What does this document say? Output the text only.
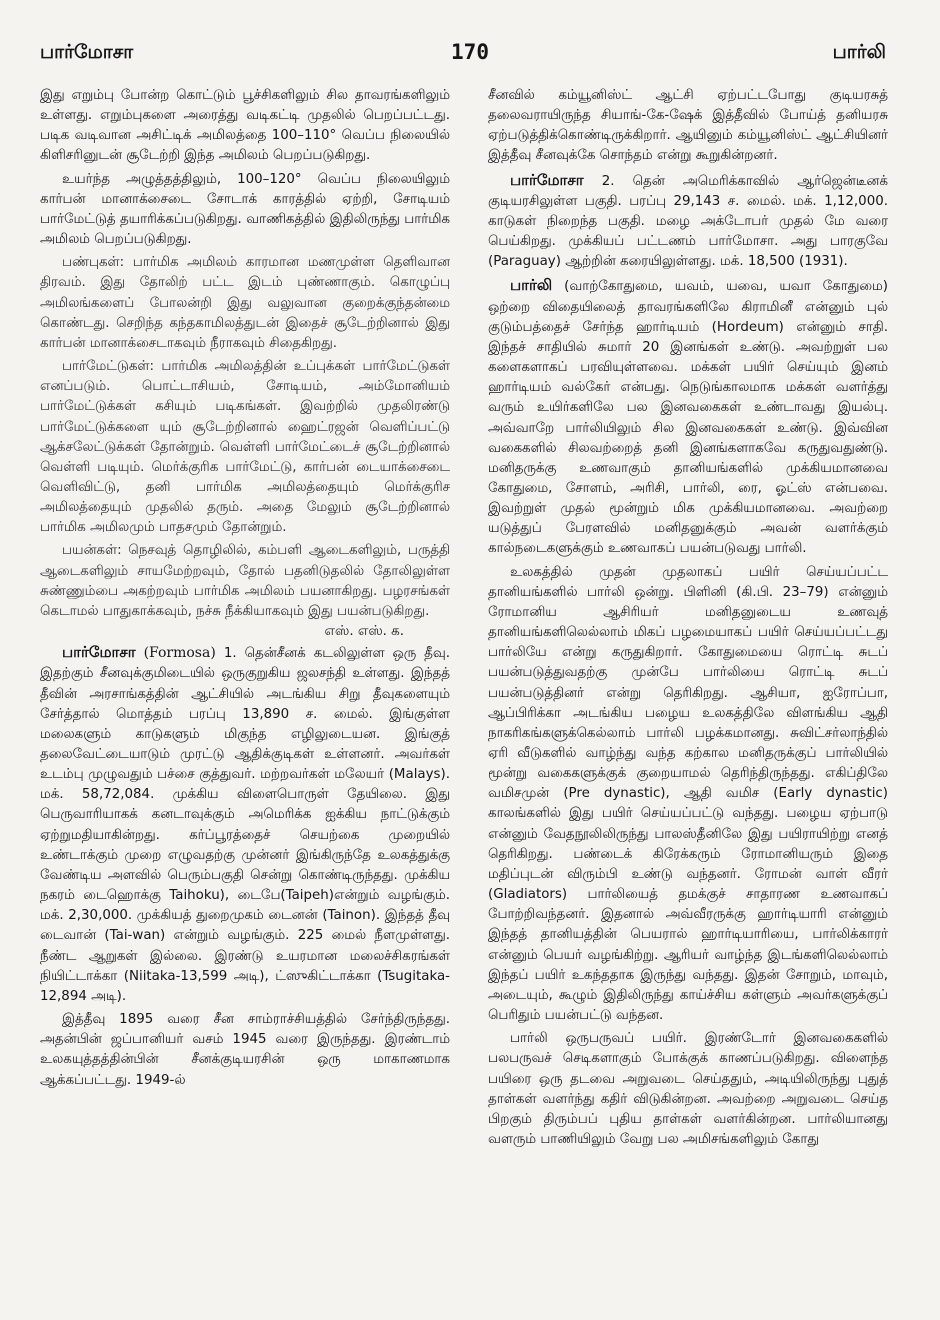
பார்மோசா	170	பார்லி

இது எறும்பு போன்ற கொட்டும் பூச்சிகளிலும் சில தாவரங்களிலும் உள்ளது. எறும்புகளை அரைத்து வடிகட்டி முதலில் பெறப்பட்டது. படிக வடிவான அசிட்டிக் அமிலத்தை 100–110° வெப்ப நிலையில் கிளிசரினுடன் சூடேற்றி இந்த அமிலம் பெறப்படுகிறது.

உயர்ந்த அழுத்தத்திலும், 100–120° வெப்ப நிலையிலும் கார்பன் மானாக்சைடை சோடாக் காரத்தில் ஏற்றி, சோடியம் பார்மேட்டுத் தயாரிக்கப்படுகிறது. வாணிகத்தில் இதிலிருந்து பார்மிக அமிலம் பெறப்படுகிறது.

பண்புகள்: பார்மிக அமிலம் காரமான மணமுள்ள தெளிவான திரவம். இது தோலிற் பட்ட இடம் புண்ணாகும். கொழுப்பு அமிலங்களைப் போலன்றி இது வலுவான குறைக்குந்தன்மை கொண்டது. செறிந்த கந்தகாமிலத்துடன் இதைச் சூடேற்றினால் இது கார்பன் மானாக்சைடாகவும் நீராகவும் சிதைகிறது.

பார்மேட்டுகள்: பார்மிக அமிலத்தின் உப்புக்கள் பார்மேட்டுகள் எனப்படும். பொட்டாசியம், சோடியம், அம்மோனியம் பார்மேட்டுக்கள் கசியும் படிகங்கள். இவற்றில் முதலிரண்டு பார்மேட்டுக்களை யும் சூடேற்றினால் ஹைட்ரஜன் வெளிப்பட்டு ஆக்சலேட்டுக்கள் தோன்றும். வெள்ளி பார்மேட்டைச் சூடேற்றினால் வெள்ளி படியும். மெர்க்குரிக பார்மேட்டு, கார்பன் டையாக்சைடை வெளிவிட்டு, தனி பார்மிக அமிலத்தையும் மெர்க்குரிச அமிலத்தையும் முதலில் தரும். அதை மேலும் சூடேற்றினால் பார்மிக அமிலமும் பாதசமும் தோன்றும்.

பயன்கள்: நெசவுத் தொழிலில், கம்பளி ஆடைகளிலும், பருத்தி ஆடைகளிலும் சாயமேற்றவும், தோல் பதனிடுதலில் தோலிலுள்ள சுண்ணும்பை அகற்றவும் பார்மிக அமிலம் பயனாகிறது. பழரசங்கள் கெடாமல் பாதுகாக்கவும், நச்சு நீக்கியாகவும் இது பயன்படுகிறது.

எஸ். எஸ். க.

பார்மோசா (Formosa) 1. தென்சீனக் கடலிலுள்ள ஒரு தீவு. இதற்கும் சீனவுக்குமிடையில் ஒருகுறுகிய ஜலசந்தி உள்ளது. இந்தத் தீவின் அரசாங்கத்தின் ஆட்சியில் அடங்கிய சிறு தீவுகளையும் சேர்த்தால் மொத்தம் பரப்பு 13,890 ச. மைல். இங்குள்ள மலைகளும் காடுகளும் மிகுந்த எழிலுடையன. இங்குத் தலைவேட்டையாடும் முரட்டு ஆதிக்குடிகள் உள்ளனர். அவர்கள் உடம்பு முழுவதும் பச்சை குத்துவர். மற்றவர்கள் மலேயர் (Malays). மக். 58,72,084. முக்கிய விளைபொருள் தேயிலை. இது பெருவாரியாகக் கனடாவுக்கும் அமெரிக்க ஐக்கிய நாட்டுக்கும் ஏற்றுமதியாகின்றது. கர்ப்பூரத்தைச் செயற்கை முறையில் உண்டாக்கும் முறை எழுவதற்கு முன்னர் இங்கிருந்தே உலகத்துக்கு வேண்டிய அளவில் பெரும்பகுதி சென்று கொண்டிருந்தது. முக்கிய நகரம் டைஹொக்கு Taihoku), டைபே(Taipeh)என்றும் வழங்கும். மக். 2,30,000. முக்கியத் துறைமுகம் டைனன் (Tainon). இந்தத் தீவு டைவான் (Tai-wan) என்றும் வழங்கும். 225 மைல் நீளமுள்ளது. நீண்ட ஆறுகள் இல்லை. இரண்டு உயரமான மலைச்சிகரங்கள் நியிட்டாக்கா (Niitaka-13,599 அடி), ட்ஸுகிட்டாக்கா (Tsugitaka-12,894 அடி).

இத்தீவு 1895 வரை சீன சாம்ராச்சியத்தில் சேர்ந்திருந்தது. அதன்பின் ஜப்பானியர் வசம் 1945 வரை இருந்தது. இரண்டாம் உலகயுத்தத்தின்பின் சீனக்குடியரசின் ஒரு மாகாணமாக ஆக்கப்பட்டது. 1949-ல்

சீனவில் கம்யூனிஸ்ட் ஆட்சி ஏற்பட்டபோது குடியரசுத் தலைவராயிருந்த சியாங்-கே-ஷேக் இத்தீவில் போய்த் தனியரசு ஏற்படுத்திக்கொண்டிருக்கிறார். ஆயினும் கம்யூனிஸ்ட் ஆட்சியினர் இத்தீவு சீனவுக்கே சொந்தம் என்று கூறுகின்றனர்.

பார்மோசா 2. தென் அமெரிக்காவில் ஆர்ஜென்டீனக் குடியரசிலுள்ள பகுதி. பரப்பு 29,143 ச. மைல். மக். 1,12,000. காடுகள் நிறைந்த பகுதி. மழை அக்டோபர் முதல் மே வரை பெய்கிறது. முக்கியப் பட்டணம் பார்மோசா. அது பாரகுவே (Paraguay) ஆற்றின் கரையிலுள்ளது. மக். 18,500 (1931).

பார்லி (வாற்கோதுமை, யவம், யவை, யவா கோதுமை) ஒற்றை விதையிலைத் தாவரங்களிலே கிராமினீ என்னும் புல் குடும்பத்தைச் சேர்ந்த ஹார்டியம் (Hordeum) என்னும் சாதி. இந்தச் சாதியில் சுமார் 20 இனங்கள் உண்டு. அவற்றுள் பல களைகளாகப் பரவியுள்ளவை. மக்கள் பயிர் செய்யும் இனம் ஹார்டியம் வல்கேர் என்பது. நெடுங்காலமாக மக்கள் வளர்த்து வரும் உயிர்களிலே பல இனவகைகள் உண்டாவது இயல்பு. அவ்வாறே பார்லியிலும் சில இனவகைகள் உண்டு. இவ்வின வகைகளில் சிலவற்றைத் தனி இனங்களாகவே கருதுவதுண்டு. மனிதருக்கு உணவாகும் தானியங்களில் முக்கியமானவை கோதுமை, சோளம், அரிசி, பார்லி, ரை, ஓட்ஸ் என்பவை. இவற்றுள் முதல் மூன்றும் மிக முக்கியமானவை. அவற்றை யடுத்துப் பேரளவில் மனிதனுக்கும் அவன் வளர்க்கும் கால்நடைகளுக்கும் உணவாகப் பயன்படுவது பார்லி.

உலகத்தில் முதன் முதலாகப் பயிர் செய்யப்பட்ட தானியங்களில் பார்லி ஒன்று. பிளினி (கி.பி. 23–79) என்னும் ரோமானிய ஆசிரியர் மனிதனுடைய உணவுத் தானியங்களிலெல்லாம் மிகப் பழமையாகப் பயிர் செய்யப்பட்டது பார்லியே என்று கருதுகிறார். கோதுமையை ரொட்டி சுடப் பயன்படுத்துவதற்கு முன்பே பார்லியை ரொட்டி சுடப் பயன்படுத்தினர் என்று தெரிகிறது. ஆசியா, ஐரோப்பா, ஆப்பிரிக்கா அடங்கிய பழைய உலகத்திலே விளங்கிய ஆதி நாகரிகங்களுக்கெல்லாம் பார்லி பழக்கமானது. சுவிட்சர்லாந்தில் ஏரி வீடுகளில் வாழ்ந்து வந்த கற்கால மனிதருக்குப் பார்லியில் மூன்று வகைகளுக்குக் குறையாமல் தெரிந்திருந்தது. எகிப்திலே வமிசமுன் (Pre dynastic), ஆதி வமிச (Early dynastic) காலங்களில் இது பயிர் செய்யப்பட்டு வந்தது. பழைய ஏற்பாடு என்னும் வேதநூலிலிருந்து பாலஸ்தீனிலே இது பயிராயிற்று எனத் தெரிகிறது. பண்டைக் கிரேக்கரும் ரோமானியரும் இதை மதிப்புடன் விரும்பி உண்டு வந்தனர். ரோமன் வாள் வீரர் (Gladiators) பார்லியைத் தமக்குச் சாதாரண உணவாகப் போற்றிவந்தனர். இதனால் அவ்வீரருக்கு ஹார்டியாரி என்னும் இந்தத் தானியத்தின் பெயரால் ஹார்டியாரியை, பார்லிக்காரர் என்னும் பெயர் வழங்கிற்று. ஆரியர் வாழ்ந்த இடங்களிலெல்லாம் இந்தப் பயிர் உகந்ததாக இருந்து வந்தது. இதன் சோறும், மாவும், அடையும், கூழும் இதிலிருந்து காய்ச்சிய கள்ளும் அவர்களுக்குப் பெரிதும் பயன்பட்டு வந்தன.

பார்லி ஒருபருவப் பயிர். இரண்டோர் இனவகைகளில் பலபருவச் செடிகளாகும் போக்குக் காணப்படுகிறது. விளைந்த பயிரை ஒரு தடவை அறுவடை செய்ததும், அடியிலிருந்து புதுத் தாள்கள் வளர்ந்து கதிர் விடுகின்றன. அவற்றை அறுவடை செய்த பிறகும் திரும்பப் புதிய தாள்கள் வளர்கின்றன. பார்லியானது வளரும் பாணியிலும் வேறு பல அமிசங்களிலும் கோது
